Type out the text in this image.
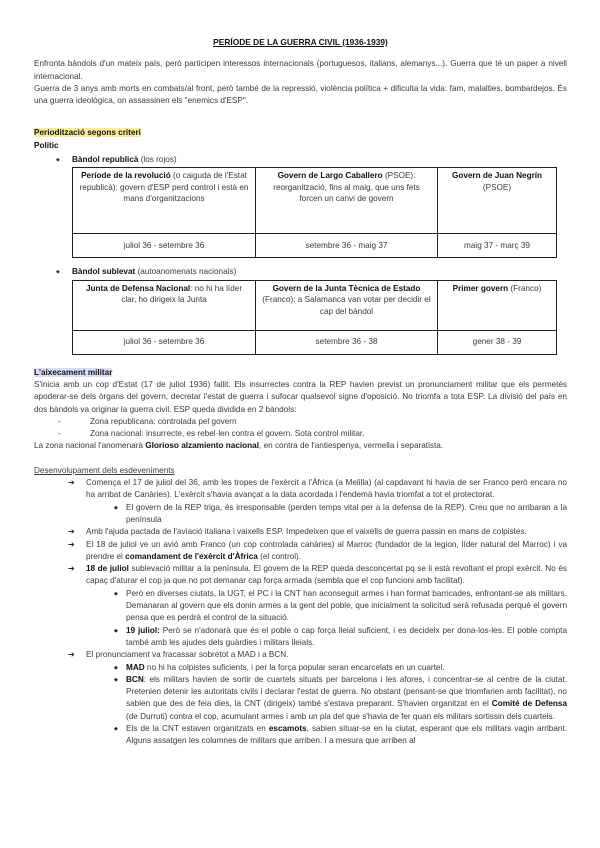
PERÍODE DE LA GUERRA CIVIL (1936-1939)

Enfronta bàndols d'un mateix país, però participen interessos internacionals (portuguesos, italians, alemanys...). Guerra que té un paper a nivell internacional.

Guerra de 3 anys amb morts en combats/al front, però també de la repressió, violència política + dificulta la vida: fam, malalties, bombardejos. És una guerra ideològica, on assassinen els "enemics d'ESP".

Periodització segons criteri
Polític
◆ Bàndol republicà (los rojos)
Període de la revolució (o caiguda de l'Estat republicà): govern d'ESP perd control i està en mans d'organitzacions	Govern de Largo Caballero (PSOE): reorganització, fins al maig, que uns fets forcen un canvi de govern	Govern de Juan Negrín (PSOE)
juliol 36 - setembre 36	setembre 36 - maig 37	maig 37 - març 39
◆ Bàndol sublevat (autoanomenats nacionals)
Junta de Defensa Nacional: no hi ha líder clar, ho dirigeix la Junta	Govern de la Junta Tècnica de Estado (Franco): a Salamanca van votar per decidir el cap del bàndol	Primer govern (Franco)
juliol 36 - setembre 36	setembre 36 - 38	gener 38 - 39
L'aixecament militar

S'inicia amb un cop d'Estat (17 de juliol 1936) fallit. Els insurrectes contra la REP havien previst un pronunciament militar que els permetés apoderar-se dels òrgans del govern, decretar l'estat de guerra i sufocar qualsevol signe d'oposició. No triomfa a tota ESP. La divisió del país en dos bàndols va originar la guerra civil. ESP queda dividida en 2 bàndols:

- Zona republicana: controlada pel govern
- Zona nacional: insurrecte, es rebel·len contra el govern. Sota control militar.

La zona nacional l'anomenarà Glorioso alzamiento nacional, en contra de l'antiespenya, vermella i separatista.

Desenvolupament dels esdeveniments
➔ Comença el 17 de juliol del 36, amb les tropes de l'exèrcit a l'Àfrica (a Melilla) (al capdavant hi havia de ser Franco però encara no ha arribat de Canàries). L'exèrcit s'havia avançat a la data acordada i l'endemà havia triomfat a tot el protectorat.
◆ El govern de la REP triga, és irresponsable (perden temps vital per a la defensa de la REP). Creu que no arribaran a la península
➔ Amb l'ajuda pactada de l'aviació italiana i vaixells ESP. Impedeixen que el vaixells de guerra passin en mans de colpistes.
➔ El 18 de juliol ve un avió amb Franco (un cop controlada canàries) al Marroc (fundador de la legion, líder natural del Marroc) i va prendre el comandament de l'exèrcit d'Àfrica (el control).
➔ 18 de juliol sublevació militar a la península. El govern de la REP queda desconcertat pq se li està revoltant el propi exèrcit. No és capaç d'aturar el cop ja que no pot demanar cap força armada (sembla que el cop funcioni amb facilitat).
◆ Però en diverses ciutats, la UGT, el PC i la CNT han aconseguit armes i han format barricades, enfrontant-se als militars. Demanaran al govern que els donin armes a la gent del poble, que inicialment la solicitud serà refusada perquè el govern pensa que es perdrà el control de la situació.
◆ 19 juliol: Però se n'adonarà que és el poble o cap força lleial suficient, i es decideix per dona-los-les. El poble compta també amb les ajudes dels guàrdies i militars lleials.
➔ El pronunciament va fracassar sobretot a MAD i a BCN.
◆ MAD no hi ha colpistes suficients, i per la força popular seran encarcelats en un cuartel.
◆ BCN: els militars havien de sortir de cuartels situats per barcelona i les afores, i concentrar-se al centre de la ciutat. Pretenien detenir les autoritats civils i declarar l'estat de guerra. No obstant (pensant-se que triomfarien amb facilitat), no sabien que des de feia dies, la CNT (dirigeix) també s'estava preparant. S'havien organitzat en el Comité de Defensa (de Durruti) contra el cop, acumulant armes i amb un pla del que s'havia de fer quan els militars sortissin dels cuartels.
◆ Els de la CNT estaven organitzats en escamots, sabien situar-se en la ciutat, esperant que els militars vagin arribant. Alguns assatgen les columnes de militars que arriben. I a mesura que arriben al
